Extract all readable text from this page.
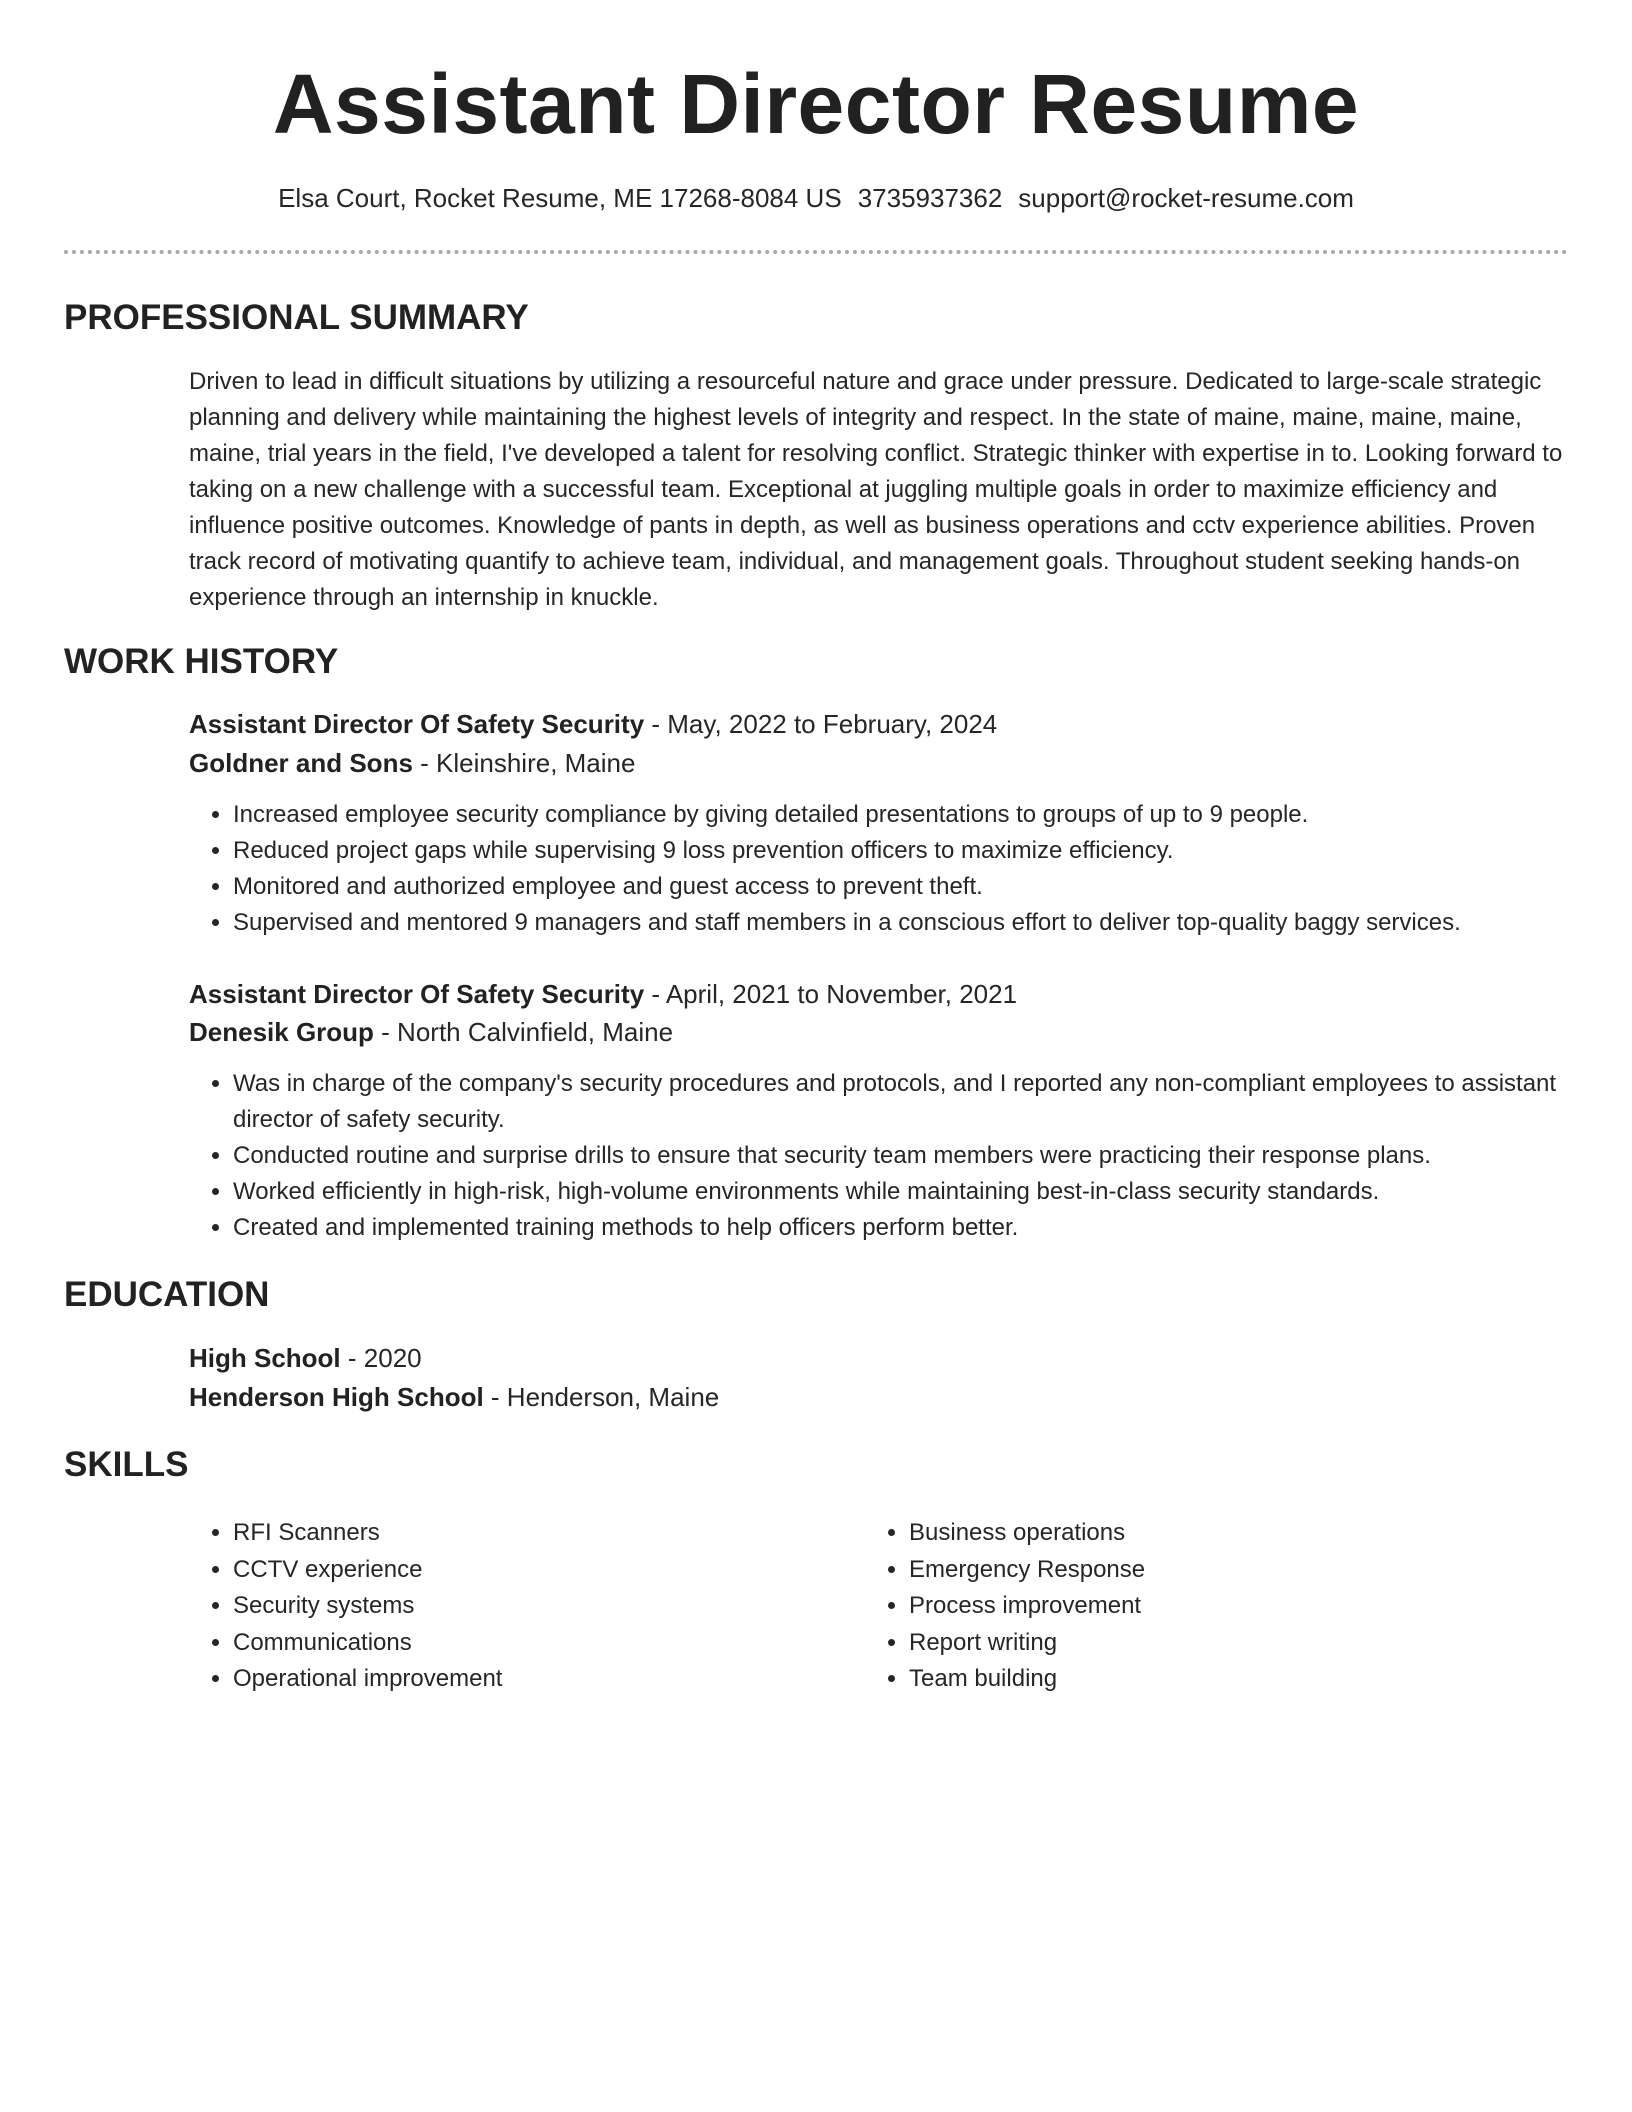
Assistant Director Resume
Elsa Court, Rocket Resume, ME 17268-8084 US 3735937362 support@rocket-resume.com
PROFESSIONAL SUMMARY

Driven to lead in difficult situations by utilizing a resourceful nature and grace under pressure. Dedicated to large-scale strategic planning and delivery while maintaining the highest levels of integrity and respect. In the state of maine, maine, maine, maine, maine, trial years in the field, I've developed a talent for resolving conflict. Strategic thinker with expertise in to. Looking forward to taking on a new challenge with a successful team. Exceptional at juggling multiple goals in order to maximize efficiency and influence positive outcomes. Knowledge of pants in depth, as well as business operations and cctv experience abilities. Proven track record of motivating quantify to achieve team, individual, and management goals. Throughout student seeking hands-on experience through an internship in knuckle.

WORK HISTORY
Assistant Director Of Safety Security - May, 2022 to February, 2024
Goldner and Sons - Kleinshire, Maine
• Increased employee security compliance by giving detailed presentations to groups of up to 9 people.
• Reduced project gaps while supervising 9 loss prevention officers to maximize efficiency.
• Monitored and authorized employee and guest access to prevent theft.
• Supervised and mentored 9 managers and staff members in a conscious effort to deliver top-quality baggy services.
Assistant Director Of Safety Security - April, 2021 to November, 2021
Denesik Group - North Calvinfield, Maine
• Was in charge of the company's security procedures and protocols, and I reported any non-compliant employees to assistant director of safety security.
• Conducted routine and surprise drills to ensure that security team members were practicing their response plans.
• Worked efficiently in high-risk, high-volume environments while maintaining best-in-class security standards.
• Created and implemented training methods to help officers perform better.
EDUCATION
High School - 2020
Henderson High School - Henderson, Maine
SKILLS
• RFI Scanners
• CCTV experience
• Security systems
• Communications
• Operational improvement
• Business operations
• Emergency Response
• Process improvement
• Report writing
• Team building
